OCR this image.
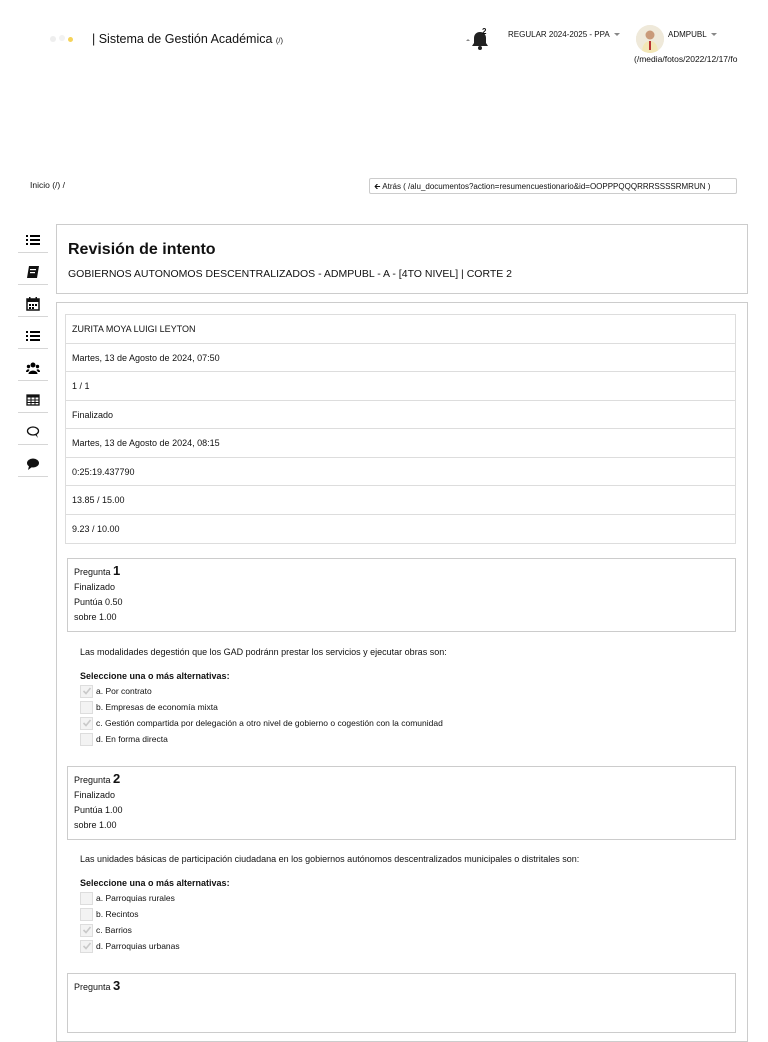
| Sistema de Gestión Académica (/)
2	REGULAR 2024-2025 - PPA	ADMPUBL
(/media/fotos/2022/12/17/fo
Inicio (/) /	🡰 Atrás ( /alu_documentos?action=resumencuestionario&id=OOPPPQQQRRRSSSSRMRUN )
Revisión de intento
GOBIERNOS AUTONOMOS DESCENTRALIZADOS - ADMPUBL - A - [4TO NIVEL] | CORTE 2
ZURITA MOYA LUIGI LEYTON
Martes, 13 de Agosto de 2024, 07:50
1 / 1
Finalizado
Martes, 13 de Agosto de 2024, 08:15
0:25:19.437790
13.85 / 15.00
9.23 / 10.00
Pregunta 1
Finalizado
Puntúa 0.50
sobre 1.00
Las modalidades degestión que los GAD podránn prestar los servicios y ejecutar obras son:
Seleccione una o más alternativas:
a. Por contrato
b. Empresas de economía mixta
c. Gestión compartida por delegación a otro nivel de gobierno o cogestión con la comunidad
d. En forma directa
Pregunta 2
Finalizado
Puntúa 1.00
sobre 1.00
Las unidades básicas de participación ciudadana en los gobiernos autónomos descentralizados municipales o distritales son:
Seleccione una o más alternativas:
a. Parroquias rurales
b. Recintos
c. Barrios
d. Parroquias urbanas
Pregunta 3
